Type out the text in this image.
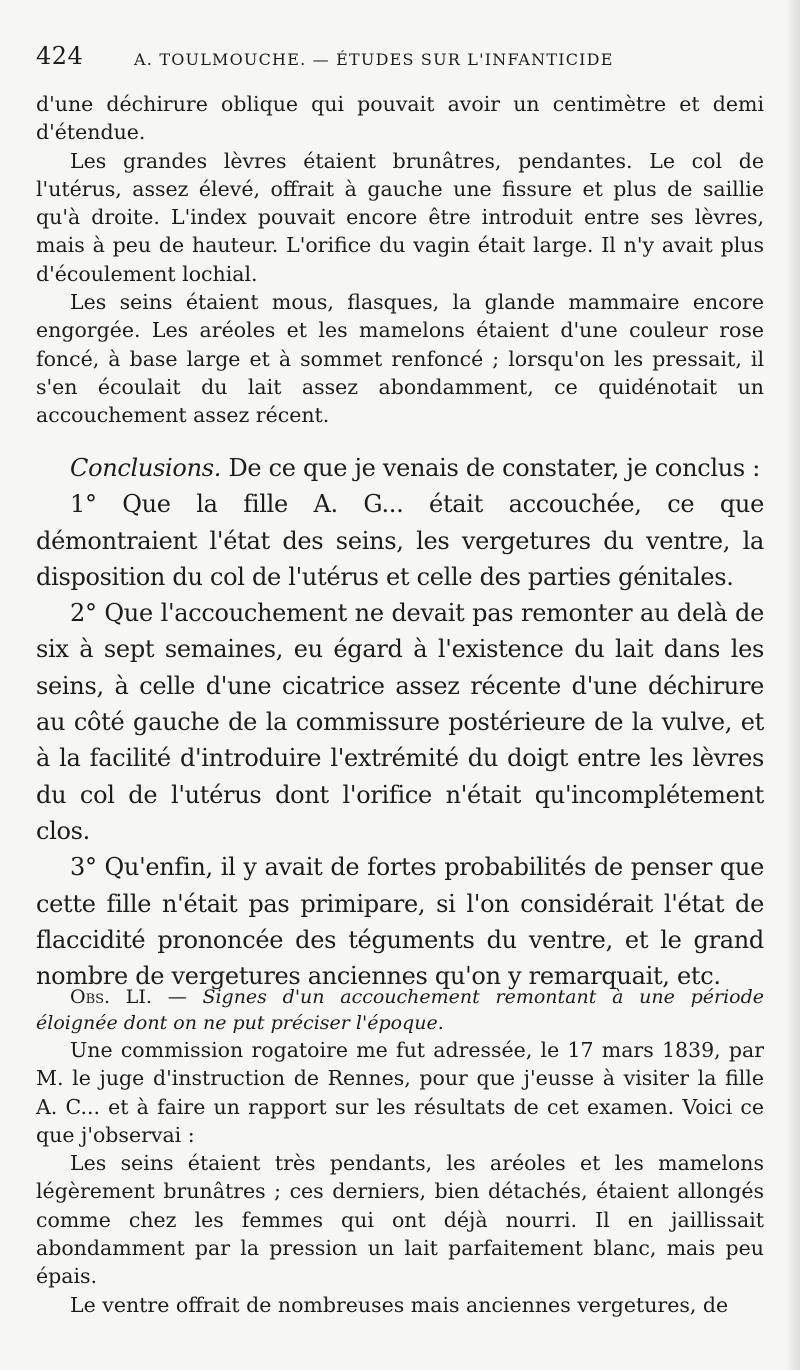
424	A. TOULMOUCHE. — ÉTUDES SUR L'INFANTICIDE

d'une déchirure oblique qui pouvait avoir un centimètre et demi d'étendue.

Les grandes lèvres étaient brunâtres, pendantes. Le col de l'utérus, assez élevé, offrait à gauche une fissure et plus de saillie qu'à droite. L'index pouvait encore être introduit entre ses lèvres, mais à peu de hauteur. L'orifice du vagin était large. Il n'y avait plus d'écoulement lochial.

Les seins étaient mous, flasques, la glande mammaire encore engorgée. Les aréoles et les mamelons étaient d'une couleur rose foncé, à base large et à sommet renfoncé ; lorsqu'on les pressait, il s'en écoulait du lait assez abondamment, ce quidénotait un accouchement assez récent.

Conclusions. De ce que je venais de constater, je conclus :

1° Que la fille A. G... était accouchée, ce que démontraient l'état des seins, les vergetures du ventre, la disposition du col de l'utérus et celle des parties génitales.

2° Que l'accouchement ne devait pas remonter au delà de six à sept semaines, eu égard à l'existence du lait dans les seins, à celle d'une cicatrice assez récente d'une déchirure au côté gauche de la commissure postérieure de la vulve, et à la facilité d'introduire l'extrémité du doigt entre les lèvres du col de l'utérus dont l'orifice n'était qu'incomplétement clos.

3° Qu'enfin, il y avait de fortes probabilités de penser que cette fille n'était pas primipare, si l'on considérait l'état de flaccidité prononcée des téguments du ventre, et le grand nombre de vergetures anciennes qu'on y remarquait, etc.

Obs. LI. — Signes d'un accouchement remontant à une période éloignée dont on ne put préciser l'époque.

Une commission rogatoire me fut adressée, le 17 mars 1839, par M. le juge d'instruction de Rennes, pour que j'eusse à visiter la fille A. C... et à faire un rapport sur les résultats de cet examen. Voici ce que j'observai :

Les seins étaient très pendants, les aréoles et les mamelons légèrement brunâtres ; ces derniers, bien détachés, étaient allongés comme chez les femmes qui ont déjà nourri. Il en jaillissait abondamment par la pression un lait parfaitement blanc, mais peu épais.

Le ventre offrait de nombreuses mais anciennes vergetures, de
